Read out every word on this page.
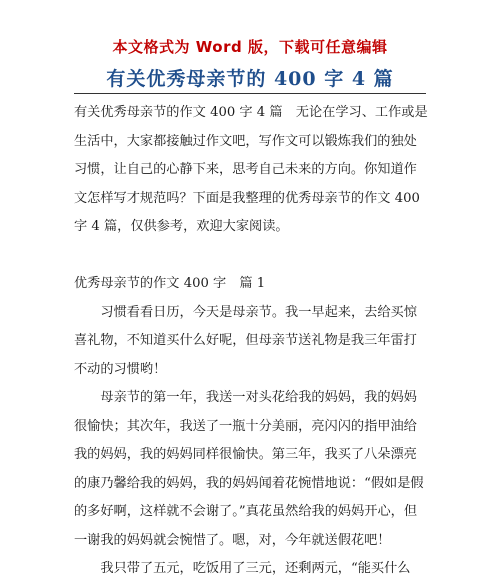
本文格式为 Word 版，下载可任意编辑
有关优秀母亲节的 400 字 4 篇

有关优秀母亲节的作文 400 字 4 篇　无论在学习、工作或是生活中，大家都接触过作文吧，写作文可以锻炼我们的独处习惯，让自己的心静下来，思考自己未来的方向。你知道作文怎样写才规范吗？下面是我整理的优秀母亲节的作文 400 字 4 篇，仅供参考，欢迎大家阅读。

优秀母亲节的作文 400 字　篇 1

习惯看看日历，今天是母亲节。我一早起来，去给买惊喜礼物，不知道买什么好呢，但母亲节送礼物是我三年雷打不动的习惯哟！

母亲节的第一年，我送一对头花给我的妈妈，我的妈妈很愉快；其次年，我送了一瓶十分美丽，亮闪闪的指甲油给我的妈妈，我的妈妈同样很愉快。第三年，我买了八朵漂亮的康乃馨给我的妈妈，我的妈妈闻着花惋惜地说：“假如是假的多好啊，这样就不会谢了。”真花虽然给我的妈妈开心，但一谢我的妈妈就会惋惜了。嗯，对，今年就送假花吧！

我只带了五元，吃饭用了三元，还剩两元，“能买什么
